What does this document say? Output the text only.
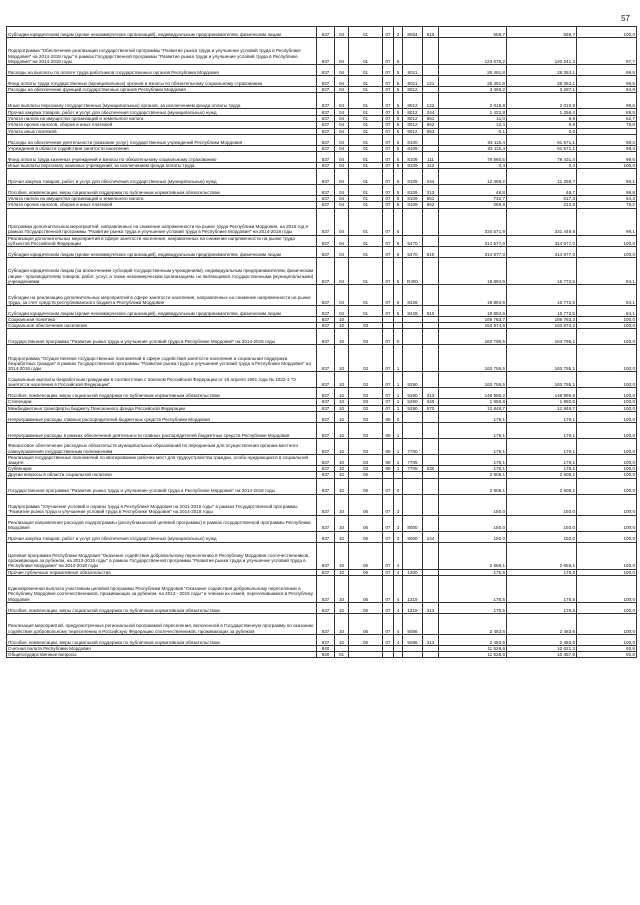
57
Субсидии юридическим лицам (кроме некоммерческих организаций), индивидуальным предпринимателям, физическим лицам	837	04	01	07	2	8064	810	559,7	559,7	100,0
Подпрограмма "Обеспечение реализации государственной программы "Развитие рынка труда и улучшение условий труда в Республике Мордовия" на 2014-2018 годы" в рамках Государственной программы "Развитие рынка труда и улучшение условий труда в Республике Мордовия" на 2014-2018 годы	837	04	01	07	5			123 078,2	120 241,3	97,7
Расходы на выплаты по оплате труда работников государственных органов Республики Мордовия	837	04	01	07	5	8011		28 491,8	28 363,1	99,5
Фонд оплаты труда государственных (муниципальных) органов и взносы по обязательному социальному страхованию	837	04	01	07	5	8011	121	28 491,8	28 363,1	99,5
Расходы на обеспечение функций государственных органов Республики Мордовия	837	04	01	07	5	8012		3 466,2	3 287,1	94,8
Иные выплаты персоналу государственных (муниципальных) органов, за исключением фонда оплаты труда	837	04	01	07	5	8012	122	2 019,8	2 010,8	99,6
Прочая закупка товаров, работ и услуг для обеспечения государственных (муниципальных) нужд	837	04	01	07	5	8012	244	1 422,8	1 258,4	88,5
Уплата налога на имущество организаций и земельного налога	837	04	01	07	5	8012	851	11,0	6,9	62,7
Уплата прочих налогов, сборов и иных платежей	837	04	01	07	5	8012	852	12,4	9,9	79,8
Уплата иных платежей	837	04	01	07	5	8012	853	0,1	0,0	
Расходы на обеспечение деятельности (оказание услуг) государственных учреждений Республики Мордовия	837	04	01	07	5	8100		93 115,4	91 571,1	98,3
Учреждения в области содействия занятости населения	837	04	01	07	5	8109		93 115,4	91 571,1	98,3
Фонд оплаты труда казенных учреждений и взносы по обязательному социальному страхованию	837	04	01	07	5	8109	111	79 860,5	79 431,4	99,5
Иные выплаты персоналу казенных учреждений, за исключением фонда оплаты труда	837	04	01	07	5	8109	112	0,4	0,4	100,0
Прочая закупка товаров, работ и услуг для обеспечения государственных (муниципальных) нужд	837	04	01	07	5	8109	244	12 498,2	11 259,7	90,1
Пособия, компенсации, меры социальной поддержки по публичным нормативным обязательствам	837	04	01	07	5	8109	313	48,8	48,7	99,8
Уплата налога на имущество организаций и земельного налога	837	04	01	07	5	8109	851	732,7	617,3	84,3
Уплата прочих налогов, сборов и иных платежей	837	04	01	07	5	8109	852	269,8	213,6	79,2
Программа дополнительных мероприятий, направленных на снижение напряженности на рынке труда Республики Мордовия, на 2015 год в рамках Государственной программы "Развитие рынка труда и улучшение условий труда в Республике Мордовия" на 2014-2018 годы	837	04	01	07	6			334 571,9	331 449,5	99,1
Реализация дополнительных мероприятий в сфере занятости населения, направленных на снижение напряженности на рынке труда субъектов Российской Федерации	837	04	01	07	6	5470		314 677,0	314 677,0	100,0
Субсидии юридическим лицам (кроме некоммерческих организаций), индивидуальным предпринимателям, физическим лицам	837	04	01	07	6	5470	810	314 677,0	314 677,0	100,0
Субсидии юридическим лицам (за исключением субсидий государственным учреждениям), индивидуальным предпринимателям, физическим лицам - производителям товаров, работ, услуг, а также некоммерческим организациям, не являющимся государственными (муниципальными) учреждениями	837	04	01	07	6	R400		19 894,9	16 772,5	84,1
Субсидии на реализацию дополнительных мероприятий в сфере занятости населения, направленных на снижение напряженности на рынке труда, за счет средств республиканского бюджета Республики Мордовия	837	04	01	07	6	8428		19 894,9	16 772,5	84,1
Субсидии юридическим лицам (кроме некоммерческих организаций), индивидуальным предпринимателям, физическим лицам	837	04	01	07	6	8428	810	19 894,9	16 772,5	84,1
Социальная политика	837	10						169 783,7	169 783,3	100,0
Социальное обеспечение населения	837	10	03					163 974,6	163 974,2	100,0
Государственная программа "Развитие рынка труда и улучшение условий труда в Республике Мордовия" на 2014-2018 годы	837	10	03	07	0			163 795,5	163 795,1	100,0
Подпрограмма "Осуществление государственных полномочий в сфере содействия занятости населения и социальная поддержка безработных граждан" в рамках Государственной программы "Развитие рынка труда и улучшение условий труда в Республике Мордовия" на 2014-2018 годы	837	10	03	07	1			163 795,5	163 795,1	100,0
Социальные выплаты безработным гражданам в соответствии с Законом Российской Федерации от 19 апреля 1991 года № 1032-1 "О занятости населения в Российской Федерации"	837	10	03	07	1	5290		163 795,5	163 795,1	100,0
Пособия, компенсации, меры социальной поддержки по публичным нормативным обязательствам	837	10	03	07	1	5290	313	148 996,2	148 995,9	100,0
Стипендии	837	10	03	07	1	5290	340	1 950,6	1 950,5	100,0
Межбюджетные трансферты бюджету Пенсионного фонда Российской Федерации	837	10	03	07	1	5290	570	12 848,7	12 848,7	100,0
Непрограммные расходы главных распорядителей бюджетных средств Республики Мордовия	837	10	03	89	0			179,1	179,1	100,0
Непрограммные расходы в рамках обеспечения деятельности главных распорядителей бюджетных средств Республики Мордовия	837	10	03	89	1			179,1	179,1	100,0
Финансовое обеспечение расходных обязательств муниципальных образований по переданным для осуществления органам местного самоуправления государственным полномочиям	837	10	03	89	1	7700		179,1	179,1	100,0
Реализация государственных полномочий по квотированию рабочих мест для трудоустройства граждан, особо нуждающихся в социальной защите	837	10	03	89	1	7705		179,1	179,1	100,0
Субвенции	837	10	03	89	1	7705	530	179,1	179,1	100,0
Другие вопросы в области социальной политики	837	10	06					2 809,1	2 809,1	100,0
Государственная программа "Развитие рынка труда и улучшение условий труда в Республике Мордовия" на 2014-2018 годы	837	10	06	07	0			2 809,1	2 809,1	100,0
Подпрограмма "Улучшение условий и охраны труда в Республике Мордовия на 2011-2015 годы" в рамках Государственной программы "Развитие рынка труда и улучшение условий труда в Республике Мордовия" на 2014-2018 годы	837	10	06	07	3			150,0	150,0	100,0
Реализация направления расходов подпрограммы (республиканской целевой программы) в рамках государственной программы Республики Мордовия	837	10	06	07	3	8000		150,0	150,0	100,0
Прочая закупка товаров, работ и услуг для обеспечения государственных (муниципальных) нужд	837	10	06	07	3	8000	244	150,0	150,0	100,0
Целевая программа Республики Мордовия "Оказание содействия добровольному переселению в Республику Мордовия соотечественников, проживающих за рубежом, на 2013-2015 годы" в рамках Государственной программы "Развитие рынка труда и улучшение условий труда в Республике Мордовия" на 2014-2018 годы	837	10	06	07	4			2 659,1	2 659,1	100,0
Прочие публичные нормативные обязательства	837	10	06	07	4	1300		175,5	175,5	100,0
Единовременная выплата участникам целевой программы Республики Мордовия "Оказание содействия добровольному переселению в Республику Мордовия соотечественников, проживающих за рубежом, на 2013 - 2015 годы" и членам их семей, переселившимся в Республику Мордовия	837	10	06	07	4	1319		175,5	175,5	100,0
Пособия, компенсации, меры социальной поддержки по публичным нормативным обязательствам	837	10	06	07	4	1319	313	175,5	175,5	100,0
Реализация мероприятий, предусмотренных региональной программой переселения, включенной в Государственную программу по оказанию содействия добровольному переселению в Российскую Федерацию соотечественников, проживающих за рубежом	837	10	06	07	4	5086		2 483,6	2 483,6	100,0
Пособия, компенсации, меры социальной поддержки по публичным нормативным обязательствам	837	10	06	07	4	5086	313	2 483,6	2 483,6	100,0
Счетная палата Республики Мордовия	840							11 528,6	10 621,3	92,8
Общегосударственные вопросы	840	01						11 528,6	10 457,9	90,8
